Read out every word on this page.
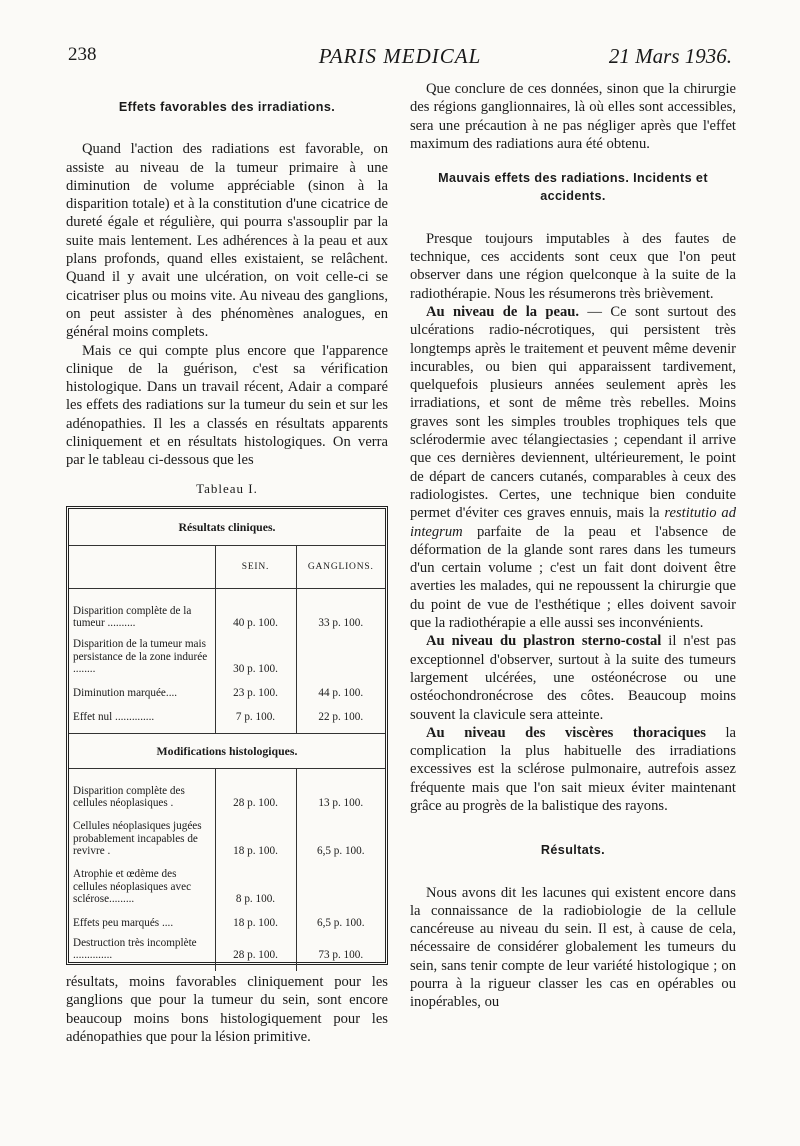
238	PARIS MEDICAL	21 Mars 1936.
Effets favorables des irradiations.

Quand l'action des radiations est favorable, on assiste au niveau de la tumeur primaire à une diminution de volume appréciable (sinon à la disparition totale) et à la constitution d'une cicatrice de dureté égale et régulière, qui pourra s'assouplir par la suite mais lentement. Les adhérences à la peau et aux plans profonds, quand elles existaient, se relâchent. Quand il y avait une ulcération, on voit celle-ci se cicatriser plus ou moins vite. Au niveau des ganglions, on peut assister à des phénomènes analogues, en général moins complets.

Mais ce qui compte plus encore que l'apparence clinique de la guérison, c'est sa vérification histologique. Dans un travail récent, Adair a comparé les effets des radiations sur la tumeur du sein et sur les adénopathies. Il les a classés en résultats apparents cliniquement et en résultats histologiques. On verra par le tableau ci-dessous que les

Tableau I.
Résultats cliniques.		
	SEIN.	GANGLIONS.

Disparition complète de la tumeur ..........	40 p. 100.	33 p. 100.
Disparition de la tumeur mais persistance de la zone indurée ........	30 p. 100.	
Diminution marquée....	23 p. 100.	44 p. 100.
Effet nul ..............	7 p. 100.	22 p. 100.

Modifications histologiques.		

Disparition complète des cellules néoplasiques .	28 p. 100.	13 p. 100.
Cellules néoplasiques jugées probablement incapables de revivre .	18 p. 100.	6,5 p. 100.
Atrophie et œdème des cellules néoplasiques avec sclérose.........	8 p. 100.	
Effets peu marqués ....	18 p. 100.	6,5 p. 100.
Destruction très incomplète ..............	28 p. 100.	73 p. 100.

résultats, moins favorables cliniquement pour les ganglions que pour la tumeur du sein, sont encore beaucoup moins bons histologiquement pour les adénopathies que pour la lésion primitive.

Que conclure de ces données, sinon que la chirurgie des régions ganglionnaires, là où elles sont accessibles, sera une précaution à ne pas négliger après que l'effet maximum des radiations aura été obtenu.

Mauvais effets des radiations. Incidents et accidents.

Presque toujours imputables à des fautes de technique, ces accidents sont ceux que l'on peut observer dans une région quelconque à la suite de la radiothérapie. Nous les résumerons très brièvement.

Au niveau de la peau. — Ce sont surtout des ulcérations radio-nécrotiques, qui persistent très longtemps après le traitement et peuvent même devenir incurables, ou bien qui apparaissent tardivement, quelquefois plusieurs années seulement après les irradiations, et sont de même très rebelles. Moins graves sont les simples troubles trophiques tels que sclérodermie avec télangiectasies ; cependant il arrive que ces dernières deviennent, ultérieurement, le point de départ de cancers cutanés, comparables à ceux des radiologistes. Certes, une technique bien conduite permet d'éviter ces graves ennuis, mais la restitutio ad integrum parfaite de la peau et l'absence de déformation de la glande sont rares dans les tumeurs d'un certain volume ; c'est un fait dont doivent être averties les malades, qui ne repoussent la chirurgie que du point de vue de l'esthétique ; elles doivent savoir que la radiothérapie a elle aussi ses inconvénients.

Au niveau du plastron sterno-costal il n'est pas exceptionnel d'observer, surtout à la suite des tumeurs largement ulcérées, une ostéonécrose ou une ostéochondronécrose des côtes. Beaucoup moins souvent la clavicule sera atteinte.

Au niveau des viscères thoraciques la complication la plus habituelle des irradiations excessives est la sclérose pulmonaire, autrefois assez fréquente mais que l'on sait mieux éviter maintenant grâce au progrès de la balistique des rayons.

Résultats.

Nous avons dit les lacunes qui existent encore dans la connaissance de la radiobiologie de la cellule cancéreuse au niveau du sein. Il est, à cause de cela, nécessaire de considérer globalement les tumeurs du sein, sans tenir compte de leur variété histologique ; on pourra à la rigueur classer les cas en opérables ou inopérables, ou
